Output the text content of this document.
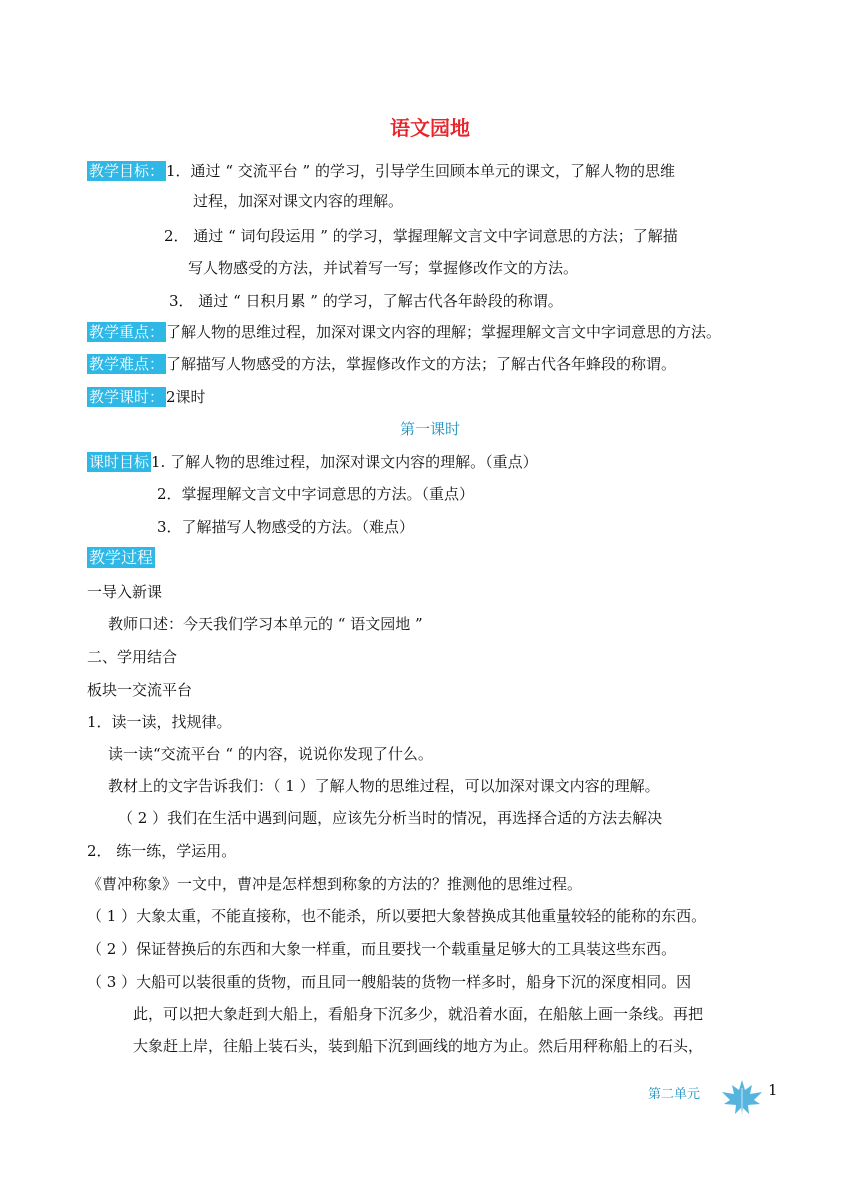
语文园地
教学目标： 1．通过 “ 交流平台 ” 的学习，引导学生回顾本单元的课文，了解人物的思维
过程，加深对课文内容的理解。
2． 通过 “ 词句段运用 ” 的学习，掌握理解文言文中字词意思的方法；了解描
写人物感受的方法，并试着写一写；掌握修改作文的方法。
3． 通过 “ 日积月累 ” 的学习，了解古代各年龄段的称谓。
教学重点： 了解人物的思维过程，加深对课文内容的理解；掌握理解文言文中字词意思的方法。
教学难点： 了解描写人物感受的方法，掌握修改作文的方法；了解古代各年蜂段的称谓。
教学课时： 2课时
第一课时
课时目标 1. 了解人物的思维过程，加深对课文内容的理解。（重点）
2．掌握理解文言文中字词意思的方法。（重点）
3．了解描写人物感受的方法。（难点）
教学过程
一导入新课
教师口述：今天我们学习本单元的 “ 语文园地 ”
二、学用结合
板块一交流平台
1．读一读，找规律。
读一读“交流平台 “ 的内容，说说你发现了什么。
教材上的文字告诉我们：（ 1 ）了解人物的思维过程，可以加深对课文内容的理解。
（ 2 ）我们在生活中遇到问题，应该先分析当时的情况，再选择合适的方法去解决
2． 练一练，学运用。
《曹冲称象》一文中，曹冲是怎样想到称象的方法的？推测他的思维过程。
（ 1 ）大象太重，不能直接称，也不能杀，所以要把大象替换成其他重量较轻的能称的东西。
（ 2 ）保证替换后的东西和大象一样重，而且要找一个载重量足够大的工具装这些东西。
（ 3 ）大船可以装很重的货物，而且同一艘船装的货物一样多时，船身下沉的深度相同。因
此，可以把大象赶到大船上，看船身下沉多少，就沿着水面，在船舷上画一条线。再把
大象赶上岸，往船上装石头，装到船下沉到画线的地方为止。然后用秤称船上的石头，
第二单元	1
